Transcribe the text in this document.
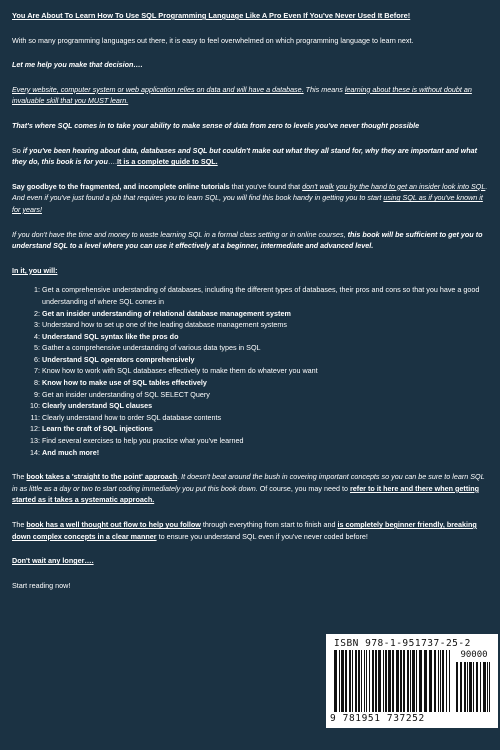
You Are About To Learn How To Use SQL Programming Language Like A Pro Even If You've Never Used It Before!

With so many programming languages out there, it is easy to feel overwhelmed on which programming language to learn next.

Let me help you make that decision….

Every website, computer system or web application relies on data and will have a database. This means learning about these is without doubt an invaluable skill that you MUST learn.

That's where SQL comes in to take your ability to make sense of data from zero to levels you've never thought possible

So if you've been hearing about data, databases and SQL but couldn't make out what they all stand for, why they are important and what they do, this book is for you….It is a complete guide to SQL.

Say goodbye to the fragmented, and incomplete online tutorials that you've found that don't walk you by the hand to get an insider look into SQL. And even if you've just found a job that requires you to learn SQL, you will find this book handy in getting you to start using SQL as if you've known it for years!

If you don't have the time and money to waste learning SQL in a formal class setting or in online courses, this book will be sufficient to get you to understand SQL to a level where you can use it effectively at a beginner, intermediate and advanced level.

In it, you will:

1: Get a comprehensive understanding of databases, including the different types of databases, their pros and cons so that you have a good understanding of where SQL comes in
2: Get an insider understanding of relational database management system
3: Understand how to set up one of the leading database management systems
4: Understand SQL syntax like the pros do
5: Gather a comprehensive understanding of various data types in SQL
6: Understand SQL operators comprehensively
7: Know how to work with SQL databases effectively to make them do whatever you want
8: Know how to make use of SQL tables effectively
9: Get an insider understanding of SQL SELECT Query
10: Clearly understand SQL clauses
11: Clearly understand how to order SQL database contents
12: Learn the craft of SQL injections
13: Find several exercises to help you practice what you've learned
14: And much more!

The book takes a 'straight to the point' approach. It doesn't beat around the bush in covering important concepts so you can be sure to learn SQL in as little as a day or two to start coding immediately you put this book down. Of course, you may need to refer to it here and there when getting started as it takes a systematic approach.

The book has a well thought out flow to help you follow through everything from start to finish and is completely beginner friendly, breaking down complex concepts in a clear manner to ensure you understand SQL even if you've never coded before!

Don't wait any longer….

Start reading now!

ISBN 978-1-951737-25-2
90000
9 781951 737252
